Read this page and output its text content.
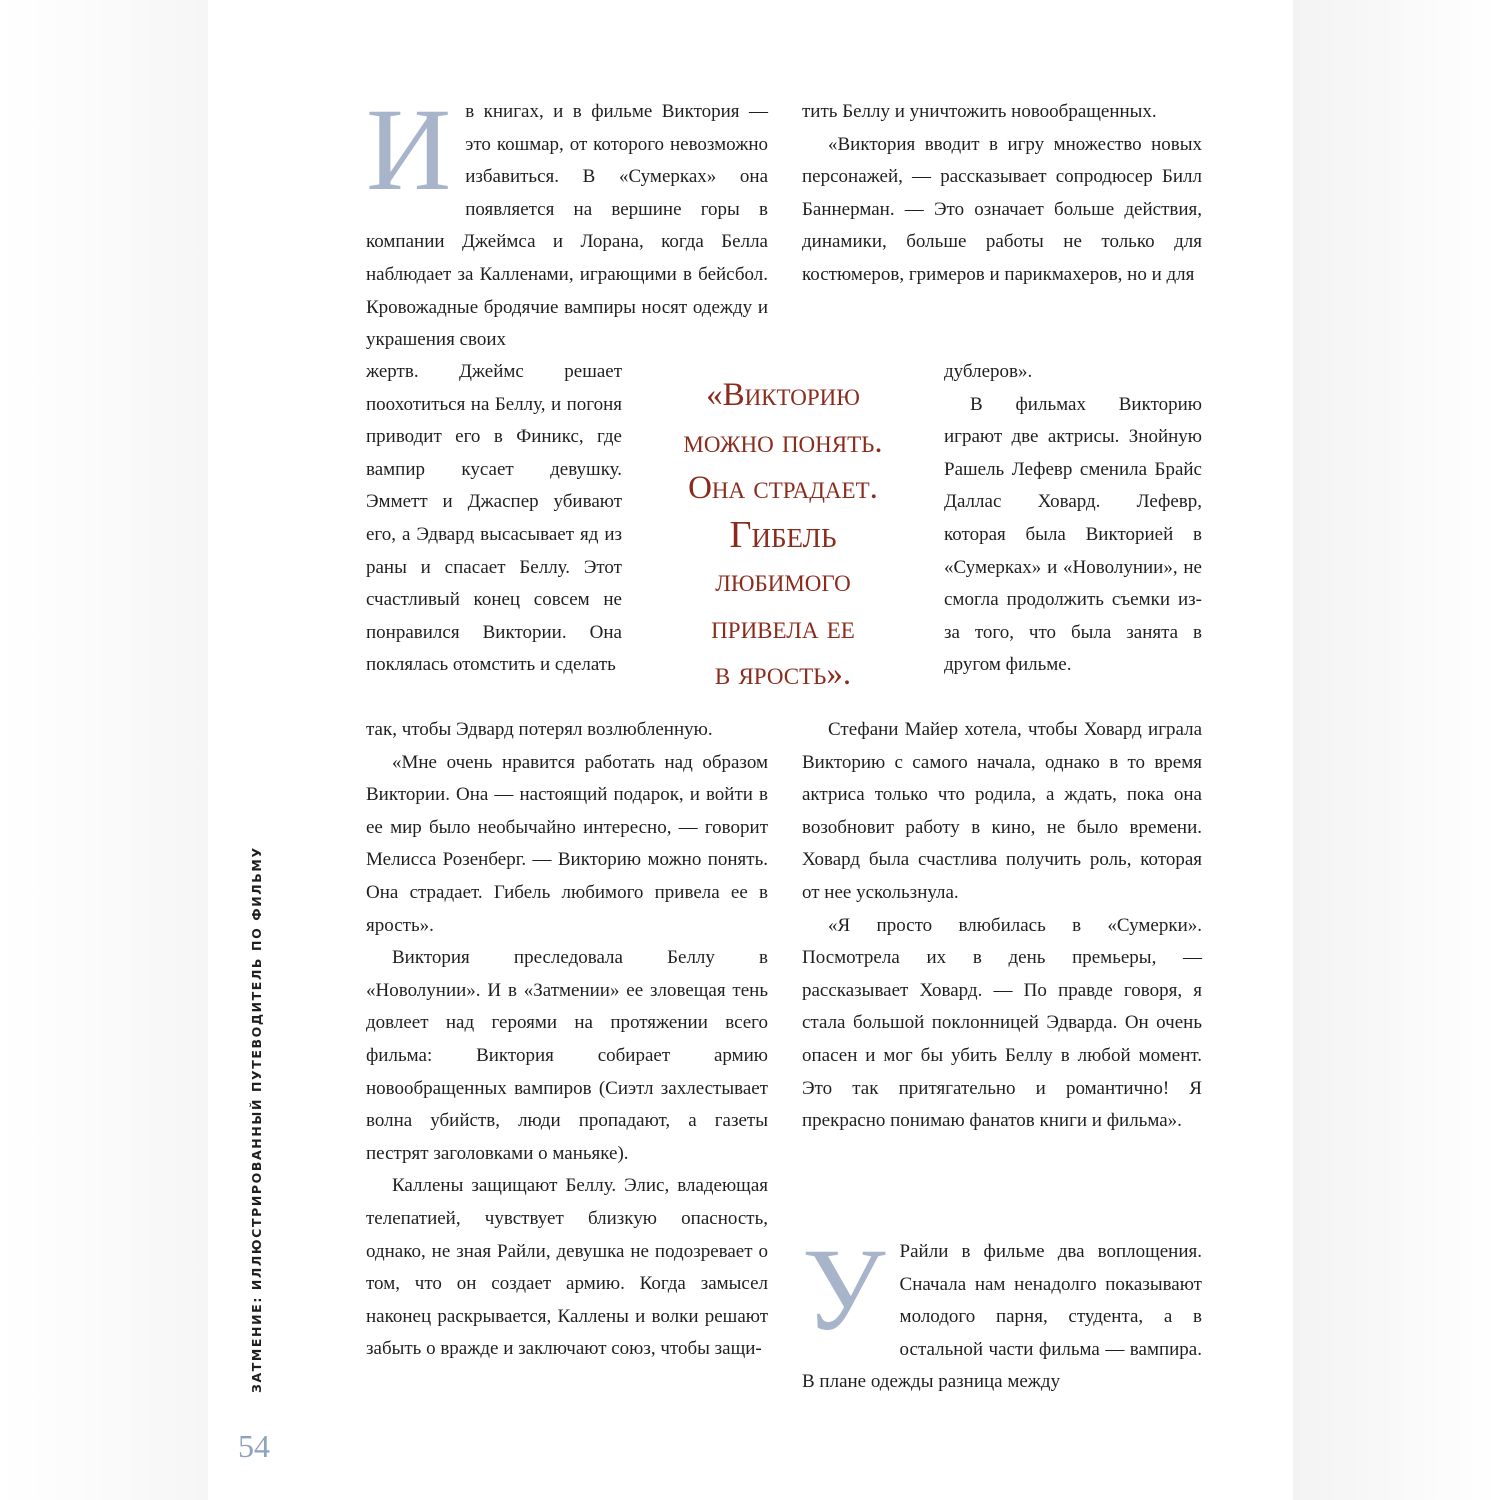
Ив книгах, и в фильме Виктория — это кошмар, от которого невозможно избавиться. В «Сумерках» она появляется на вершине горы в компании Джеймса и Лорана, когда Белла наблюдает за Калленами, играющими в бейсбол. Кровожадные бродячие вампиры носят одежду и украшения своих

жертв. Джеймс решает поохотиться на Беллу, и погоня приводит его в Финикс, где вампир кусает девушку. Эмметт и Джаспер убивают его, а Эдвард высасывает яд из раны и спасает Беллу. Этот счастливый конец совсем не понравился Виктории. Она поклялась отомстить и сделать

«Викторию
можно понять.
Она страдает.
Гибель
любимого
привела ее
в ярость».

так, чтобы Эдвард потерял возлюбленную.

«Мне очень нравится работать над образом Виктории. Она — настоящий подарок, и войти в ее мир было необычайно интересно, — говорит Мелисса Розенберг. — Викторию можно понять. Она страдает. Гибель любимого привела ее в ярость».

Виктория преследовала Беллу в «Новолунии». И в «Затмении» ее зловещая тень довлеет над героями на протяжении всего фильма: Виктория собирает армию новообращенных вампиров (Сиэтл захлестывает волна убийств, люди пропадают, а газеты пестрят заголовками о маньяке).

Каллены защищают Беллу. Элис, владеющая телепатией, чувствует близкую опасность, однако, не зная Райли, девушка не подозревает о том, что он создает армию. Когда замысел наконец раскрывается, Каллены и волки решают забыть о вражде и заключают союз, чтобы защи-

тить Беллу и уничтожить новообращенных.

«Виктория вводит в игру множество новых персонажей, — рассказывает сопродюсер Билл Баннерман. — Это означает больше действия, динамики, больше работы не только для костюмеров, гримеров и парикмахеров, но и для

дублеров».

В фильмах Викторию играют две актрисы. Знойную Рашель Лефевр сменила Брайс Даллас Ховард. Лефевр, которая была Викторией в «Сумерках» и «Новолунии», не смогла продолжить съемки из-за того, что была занята в другом фильме.

Стефани Майер хотела, чтобы Ховард играла Викторию с самого начала, однако в то время актриса только что родила, а ждать, пока она возобновит работу в кино, не было времени. Ховард была счастлива получить роль, которая от нее ускользнула.

«Я просто влюбилась в «Сумерки». Посмотрела их в день премьеры, — рассказывает Ховард. — По правде говоря, я стала большой поклонницей Эдварда. Он очень опасен и мог бы убить Беллу в любой момент. Это так притягательно и романтично! Я прекрасно понимаю фанатов книги и фильма».

У Райли в фильме два воплощения. Сначала нам ненадолго показывают молодого парня, студента, а в остальной части фильма — вампира. В плане одежды разница между

ЗАТМЕНИЕ: ИЛЛЮСТРИРОВАННЫЙ ПУТЕВОДИТЕЛЬ ПО ФИЛЬМУ
54
